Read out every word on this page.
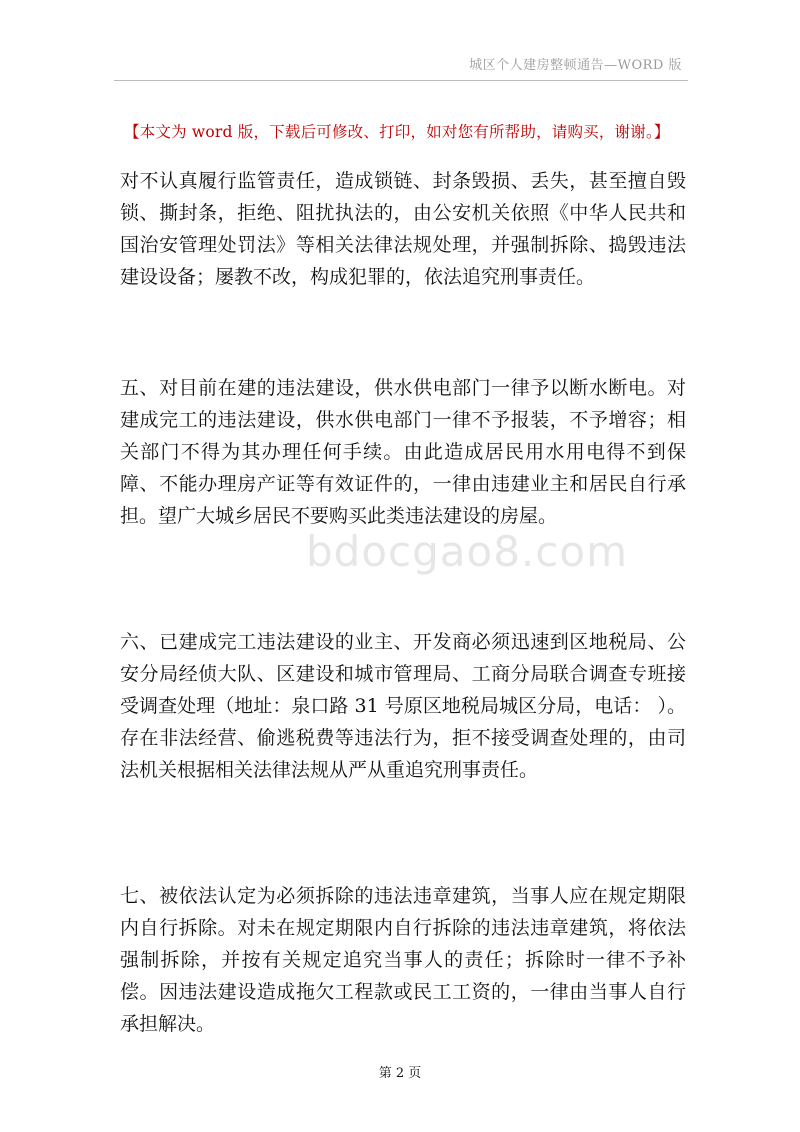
城区个人建房整顿通告—WORD 版
【本文为 word 版，下载后可修改、打印，如对您有所帮助，请购买，谢谢。】

对不认真履行监管责任，造成锁链、封条毁损、丢失，甚至擅自毁锁、撕封条，拒绝、阻扰执法的，由公安机关依照《中华人民共和国治安管理处罚法》等相关法律法规处理，并强制拆除、捣毁违法建设设备；屡教不改，构成犯罪的，依法追究刑事责任。

五、对目前在建的违法建设，供水供电部门一律予以断水断电。对建成完工的违法建设，供水供电部门一律不予报装，不予增容；相关部门不得为其办理任何手续。由此造成居民用水用电得不到保障、不能办理房产证等有效证件的，一律由违建业主和居民自行承担。望广大城乡居民不要购买此类违法建设的房屋。

六、已建成完工违法建设的业主、开发商必须迅速到区地税局、公安分局经侦大队、区建设和城市管理局、工商分局联合调查专班接受调查处理（地址：泉口路 31 号原区地税局城区分局，电话： ）。存在非法经营、偷逃税费等违法行为，拒不接受调查处理的，由司法机关根据相关法律法规从严从重追究刑事责任。

七、被依法认定为必须拆除的违法违章建筑，当事人应在规定期限内自行拆除。对未在规定期限内自行拆除的违法违章建筑，将依法强制拆除，并按有关规定追究当事人的责任；拆除时一律不予补偿。因违法建设造成拖欠工程款或民工工资的，一律由当事人自行承担解决。

bdocgao8.com
第 2 页
